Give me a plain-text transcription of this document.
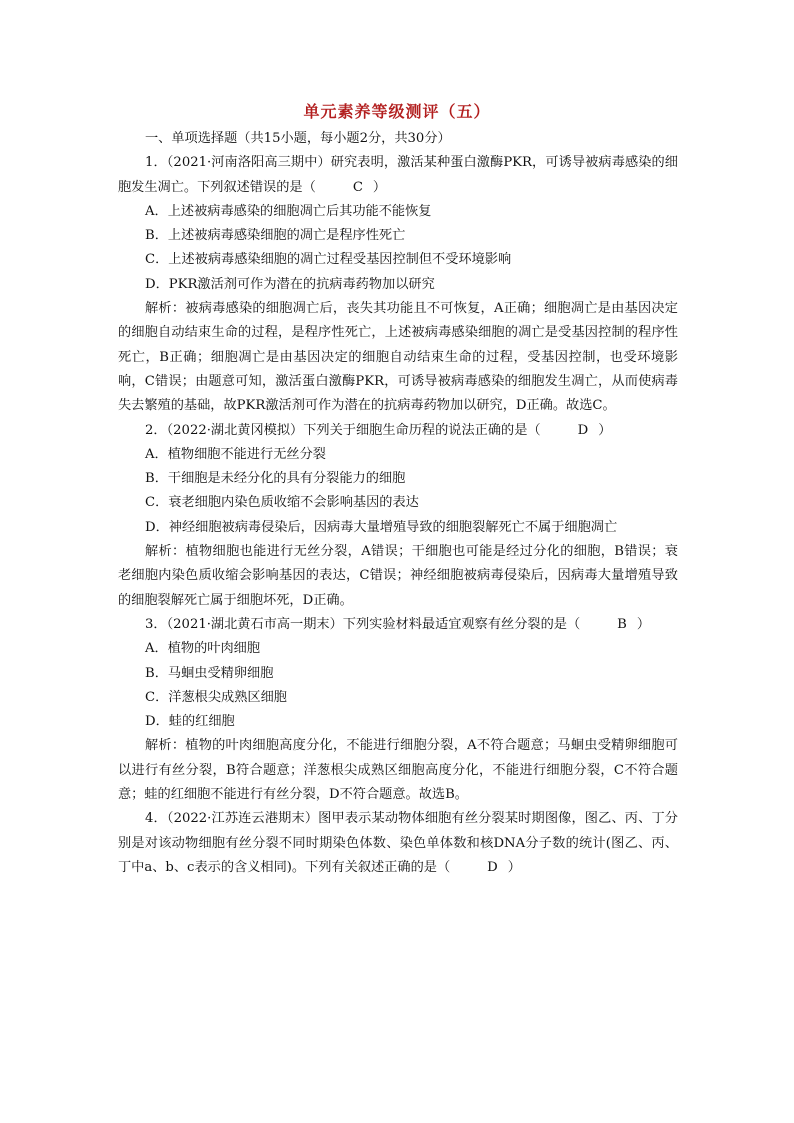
单元素养等级测评（五）

一、单项选择题（共15小题，每小题2分，共30分）

1．（2021·河南洛阳高三期中）研究表明，激活某种蛋白激酶PKR，可诱导被病毒感染的细胞发生凋亡。下列叙述错误的是（	C ）

A．上述被病毒感染的细胞凋亡后其功能不能恢复

B．上述被病毒感染细胞的凋亡是程序性死亡

C．上述被病毒感染细胞的凋亡过程受基因控制但不受环境影响

D．PKR激活剂可作为潜在的抗病毒药物加以研究

解析：被病毒感染的细胞凋亡后，丧失其功能且不可恢复，A正确；细胞凋亡是由基因决定的细胞自动结束生命的过程，是程序性死亡，上述被病毒感染细胞的凋亡是受基因控制的程序性死亡，B正确；细胞凋亡是由基因决定的细胞自动结束生命的过程，受基因控制，也受环境影响，C错误；由题意可知，激活蛋白激酶PKR，可诱导被病毒感染的细胞发生凋亡，从而使病毒失去繁殖的基础，故PKR激活剂可作为潜在的抗病毒药物加以研究，D正确。故选C。

2．（2022·湖北黄冈模拟）下列关于细胞生命历程的说法正确的是（	D ）

A．植物细胞不能进行无丝分裂

B．干细胞是未经分化的具有分裂能力的细胞

C．衰老细胞内染色质收缩不会影响基因的表达

D．神经细胞被病毒侵染后，因病毒大量增殖导致的细胞裂解死亡不属于细胞凋亡

解析：植物细胞也能进行无丝分裂，A错误；干细胞也可能是经过分化的细胞，B错误；衰老细胞内染色质收缩会影响基因的表达，C错误；神经细胞被病毒侵染后，因病毒大量增殖导致的细胞裂解死亡属于细胞坏死，D正确。

3．（2021·湖北黄石市高一期末）下列实验材料最适宜观察有丝分裂的是（	B ）

A．植物的叶肉细胞

B．马蛔虫受精卵细胞

C．洋葱根尖成熟区细胞

D．蛙的红细胞

解析：植物的叶肉细胞高度分化，不能进行细胞分裂，A不符合题意；马蛔虫受精卵细胞可以进行有丝分裂，B符合题意；洋葱根尖成熟区细胞高度分化，不能进行细胞分裂，C不符合题意；蛙的红细胞不能进行有丝分裂，D不符合题意。故选B。

4．（2022·江苏连云港期末）图甲表示某动物体细胞有丝分裂某时期图像，图乙、丙、丁分别是对该动物细胞有丝分裂不同时期染色体数、染色单体数和核DNA分子数的统计(图乙、丙、丁中a、b、c表示的含义相同)。下列有关叙述正确的是（	D ）
